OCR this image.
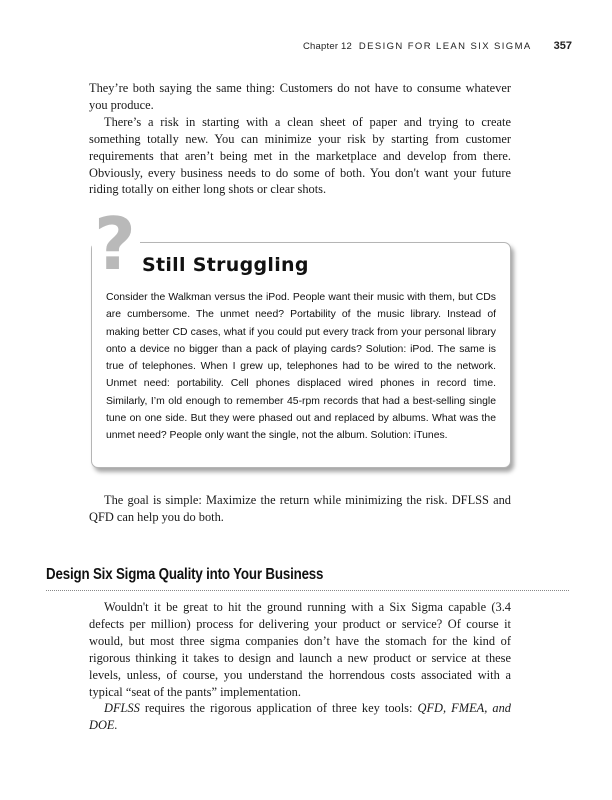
Chapter 12 DESIGN FOR LEAN SIX SIGMA 357

They’re both saying the same thing: Customers do not have to consume whatever you produce.

There’s a risk in starting with a clean sheet of paper and trying to create something totally new. You can minimize your risk by starting from customer requirements that aren’t being met in the marketplace and develop from there. Obviously, every business needs to do some of both. You don't want your future riding totally on either long shots or clear shots.

? Still Struggling

Consider the Walkman versus the iPod. People want their music with them, but CDs are cumbersome. The unmet need? Portability of the music library. Instead of making better CD cases, what if you could put every track from your personal library onto a device no bigger than a pack of playing cards? Solution: iPod. The same is true of telephones. When I grew up, telephones had to be wired to the network. Unmet need: portability. Cell phones displaced wired phones in record time. Similarly, I’m old enough to remember 45-rpm records that had a best-selling single tune on one side. But they were phased out and replaced by albums. What was the unmet need? People only want the single, not the album. Solution: iTunes.

The goal is simple: Maximize the return while minimizing the risk. DFLSS and QFD can help you do both.

Design Six Sigma Quality into Your Business

Wouldn't it be great to hit the ground running with a Six Sigma capable (3.4 defects per million) process for delivering your product or service? Of course it would, but most three sigma companies don’t have the stomach for the kind of rigorous thinking it takes to design and launch a new product or service at these levels, unless, of course, you understand the horrendous costs associated with a typical “seat of the pants” implementation.

DFLSS requires the rigorous application of three key tools: QFD, FMEA, and DOE.
